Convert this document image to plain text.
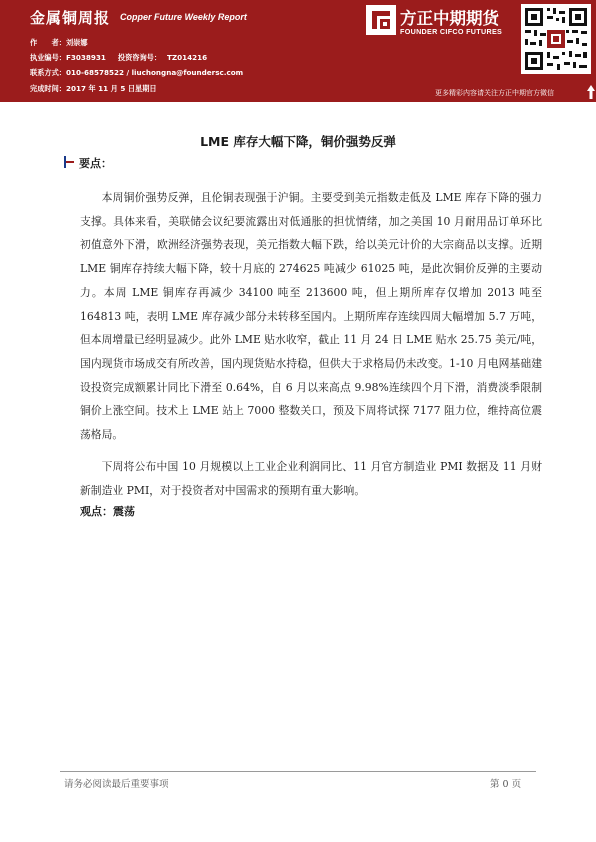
金属铜周报 Copper Future Weekly Report
作　　者：刘崇娜
执业编号：F3038931 投资咨询号： TZ014216
联系方式：010-68578522 / liuchongna@foundersc.com
完成时间：2017 年 11 月 5 日星期日
方正中期期货
FOUNDER CIFCO FUTURES
更多精彩内容请关注方正中期官方微信
LME 库存大幅下降，铜价强势反弹
要点：

本周铜价强势反弹，且伦铜表现强于沪铜。主要受到美元指数走低及 LME 库存下降的强力支撑。具体来看，美联储会议纪要流露出对低通胀的担忧情绪，加之美国 10 月耐用品订单环比初值意外下滑，欧洲经济强势表现，美元指数大幅下跌，给以美元计价的大宗商品以支撑。近期 LME 铜库存持续大幅下降，较十月底的 274625 吨减少 61025 吨，是此次铜价反弹的主要动力。本周 LME 铜库存再减少 34100 吨至 213600 吨，但上期所库存仅增加 2013 吨至 164813 吨，表明 LME 库存减少部分未转移至国内。上期所库存连续四周大幅增加 5.7 万吨，但本周增量已经明显减少。此外 LME 贴水收窄，截止 11 月 24 日 LME 贴水 25.75 美元/吨，国内现货市场成交有所改善，国内现货贴水持稳，但供大于求格局仍未改变。1-10 月电网基础建设投资完成额累计同比下滑至 0.64%，自 6 月以来高点 9.98%连续四个月下滑，消费淡季限制铜价上涨空间。技术上 LME 站上 7000 整数关口，预及下周将试探 7177 阻力位，维持高位震荡格局。

下周将公布中国 10 月规模以上工业企业利润同比、11 月官方制造业 PMI 数据及 11 月财新制造业 PMI，对于投资者对中国需求的预期有重大影响。

观点：震荡
请务必阅读最后重要事项	第 0 页
